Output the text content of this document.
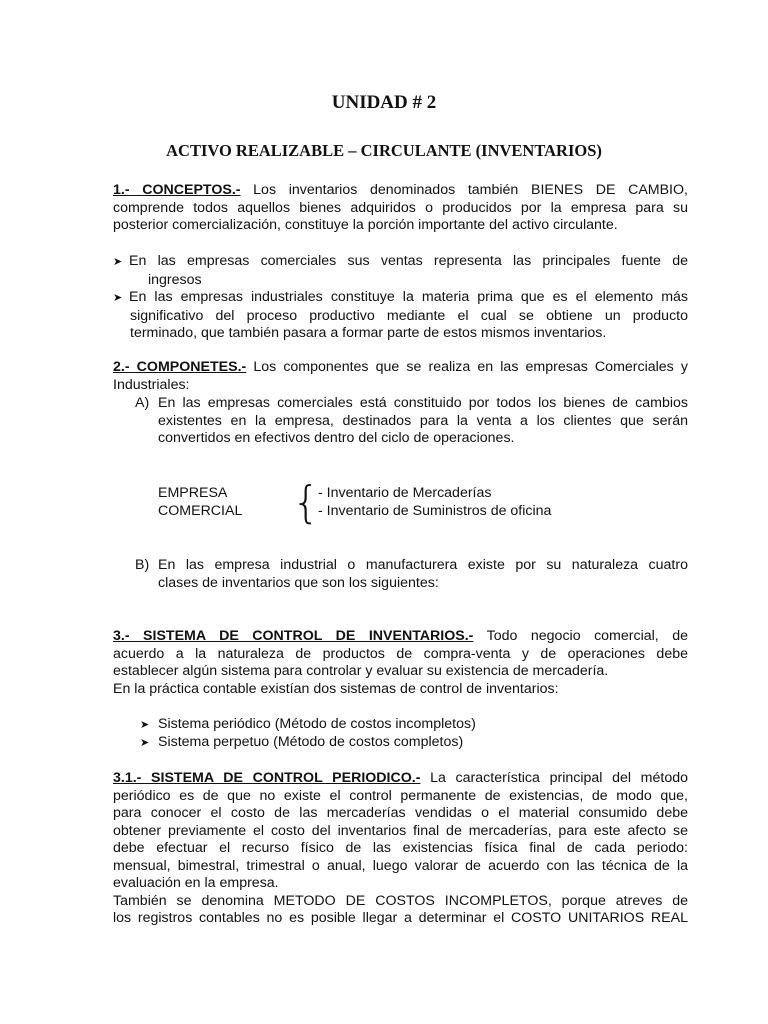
UNIDAD # 2
ACTIVO REALIZABLE – CIRCULANTE (INVENTARIOS)
1.- CONCEPTOS.- Los inventarios denominados también BIENES DE CAMBIO,
comprende todos aquellos bienes adquiridos o producidos por la empresa para su
posterior comercialización, constituye la porción importante del activo circulante.
➤ En las empresas comerciales sus ventas representa las principales fuente de
ingresos
➤ En las empresas industriales constituye la materia prima que es el elemento más
significativo del proceso productivo mediante el cual se obtiene un producto
terminado, que también pasara a formar parte de estos mismos inventarios.
2.- COMPONETES.- Los componentes que se realiza en las empresas Comerciales y
Industriales:
A) En las empresas comerciales está constituido por todos los bienes de cambios
existentes en la empresa, destinados para la venta a los clientes que serán
convertidos en efectivos dentro del ciclo de operaciones.
EMPRESA
COMERCIAL {
- Inventario de Mercaderías
- Inventario de Suministros de oficina
B) En las empresa industrial o manufacturera existe por su naturaleza cuatro
clases de inventarios que son los siguientes:
3.- SISTEMA DE CONTROL DE INVENTARIOS.- Todo negocio comercial, de
acuerdo a la naturaleza de productos de compra-venta y de operaciones debe
establecer algún sistema para controlar y evaluar su existencia de mercadería.
En la práctica contable existían dos sistemas de control de inventarios:
➤ Sistema periódico (Método de costos incompletos)
➤ Sistema perpetuo (Método de costos completos)
3.1.- SISTEMA DE CONTROL PERIODICO.- La característica principal del método
periódico es de que no existe el control permanente de existencias, de modo que,
para conocer el costo de las mercaderías vendidas o el material consumido debe
obtener previamente el costo del inventarios final de mercaderías, para este afecto se
debe efectuar el recurso físico de las existencias física final de cada periodo:
mensual, bimestral, trimestral o anual, luego valorar de acuerdo con las técnica de la
evaluación en la empresa.
También se denomina METODO DE COSTOS INCOMPLETOS, porque atreves de
los registros contables no es posible llegar a determinar el COSTO UNITARIOS REAL
